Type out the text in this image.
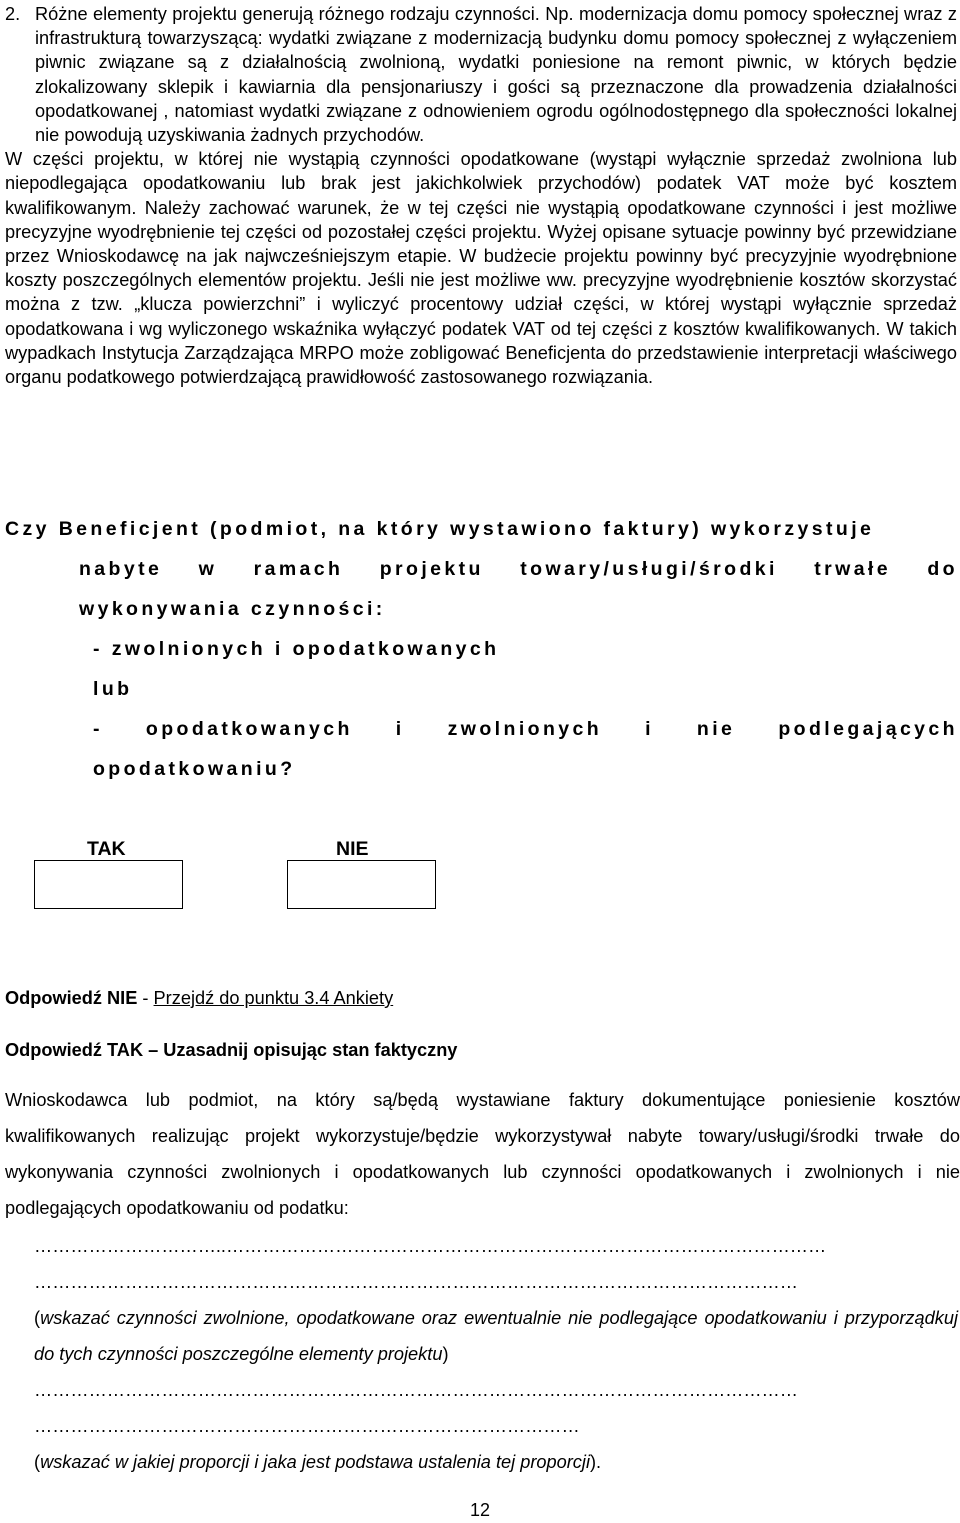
2. Różne elementy projektu generują różnego rodzaju czynności. Np. modernizacja domu pomocy społecznej wraz z infrastrukturą towarzyszącą: wydatki związane z modernizacją budynku domu pomocy społecznej z wyłączeniem piwnic związane są z działalnością zwolnioną, wydatki poniesione na remont piwnic, w których będzie zlokalizowany sklepik i kawiarnia dla pensjonariuszy i gości są przeznaczone dla prowadzenia działalności opodatkowanej , natomiast wydatki związane z odnowieniem ogrodu ogólnodostępnego dla społeczności lokalnej nie powodują uzyskiwania żadnych przychodów.

W części projektu, w której nie wystąpią czynności opodatkowane (wystąpi wyłącznie sprzedaż zwolniona lub niepodlegająca opodatkowaniu lub brak jest jakichkolwiek przychodów) podatek VAT może być kosztem kwalifikowanym. Należy zachować warunek, że w tej części nie wystąpią opodatkowane czynności i jest możliwe precyzyjne wyodrębnienie tej części od pozostałej części projektu. Wyżej opisane sytuacje powinny być przewidziane przez Wnioskodawcę na jak najwcześniejszym etapie. W budżecie projektu powinny być precyzyjnie wyodrębnione koszty poszczególnych elementów projektu. Jeśli nie jest możliwe ww. precyzyjne wyodrębnienie kosztów skorzystać można z tzw. „klucza powierzchni” i wyliczyć procentowy udział części, w której wystąpi wyłącznie sprzedaż opodatkowana i wg wyliczonego wskaźnika wyłączyć podatek VAT od tej części z kosztów kwalifikowanych. W takich wypadkach Instytucja Zarządzająca MRPO może zobligować Beneficjenta do przedstawienie interpretacji właściwego organu podatkowego potwierdzającą prawidłowość zastosowanego rozwiązania.

Czy Beneficjent (podmiot, na który wystawiono faktury) wykorzystuje

nabyte w ramach projektu towary/usługi/środki trwałe do

wykonywania czynności:

- zwolnionych i opodatkowanych

lub

- opodatkowanych i zwolnionych i nie podlegających

opodatkowaniu?

TAK	NIE
Odpowiedź NIE - Przejdź do punktu 3.4 Ankiety
Odpowiedź TAK – Uzasadnij opisując stan faktyczny

Wnioskodawca lub podmiot, na który są/będą wystawiane faktury dokumentujące poniesienie kosztów kwalifikowanych realizując projekt wykorzystuje/będzie wykorzystywał nabyte towary/usługi/środki trwałe do wykonywania czynności zwolnionych i opodatkowanych lub czynności opodatkowanych i zwolnionych i nie podlegających opodatkowaniu od podatku:

…………………………..………………………………………………………………………………………
………………………………………………………………………………………………………………
(wskazać czynności zwolnione, opodatkowane oraz ewentualnie nie podlegające opodatkowaniu i przyporządkuj do tych czynności poszczególne elementy projektu)
………………………………………………………………………………………………………………
………………………………………………………………………………
(wskazać w jakiej proporcji i jaka jest podstawa ustalenia tej proporcji).
12
